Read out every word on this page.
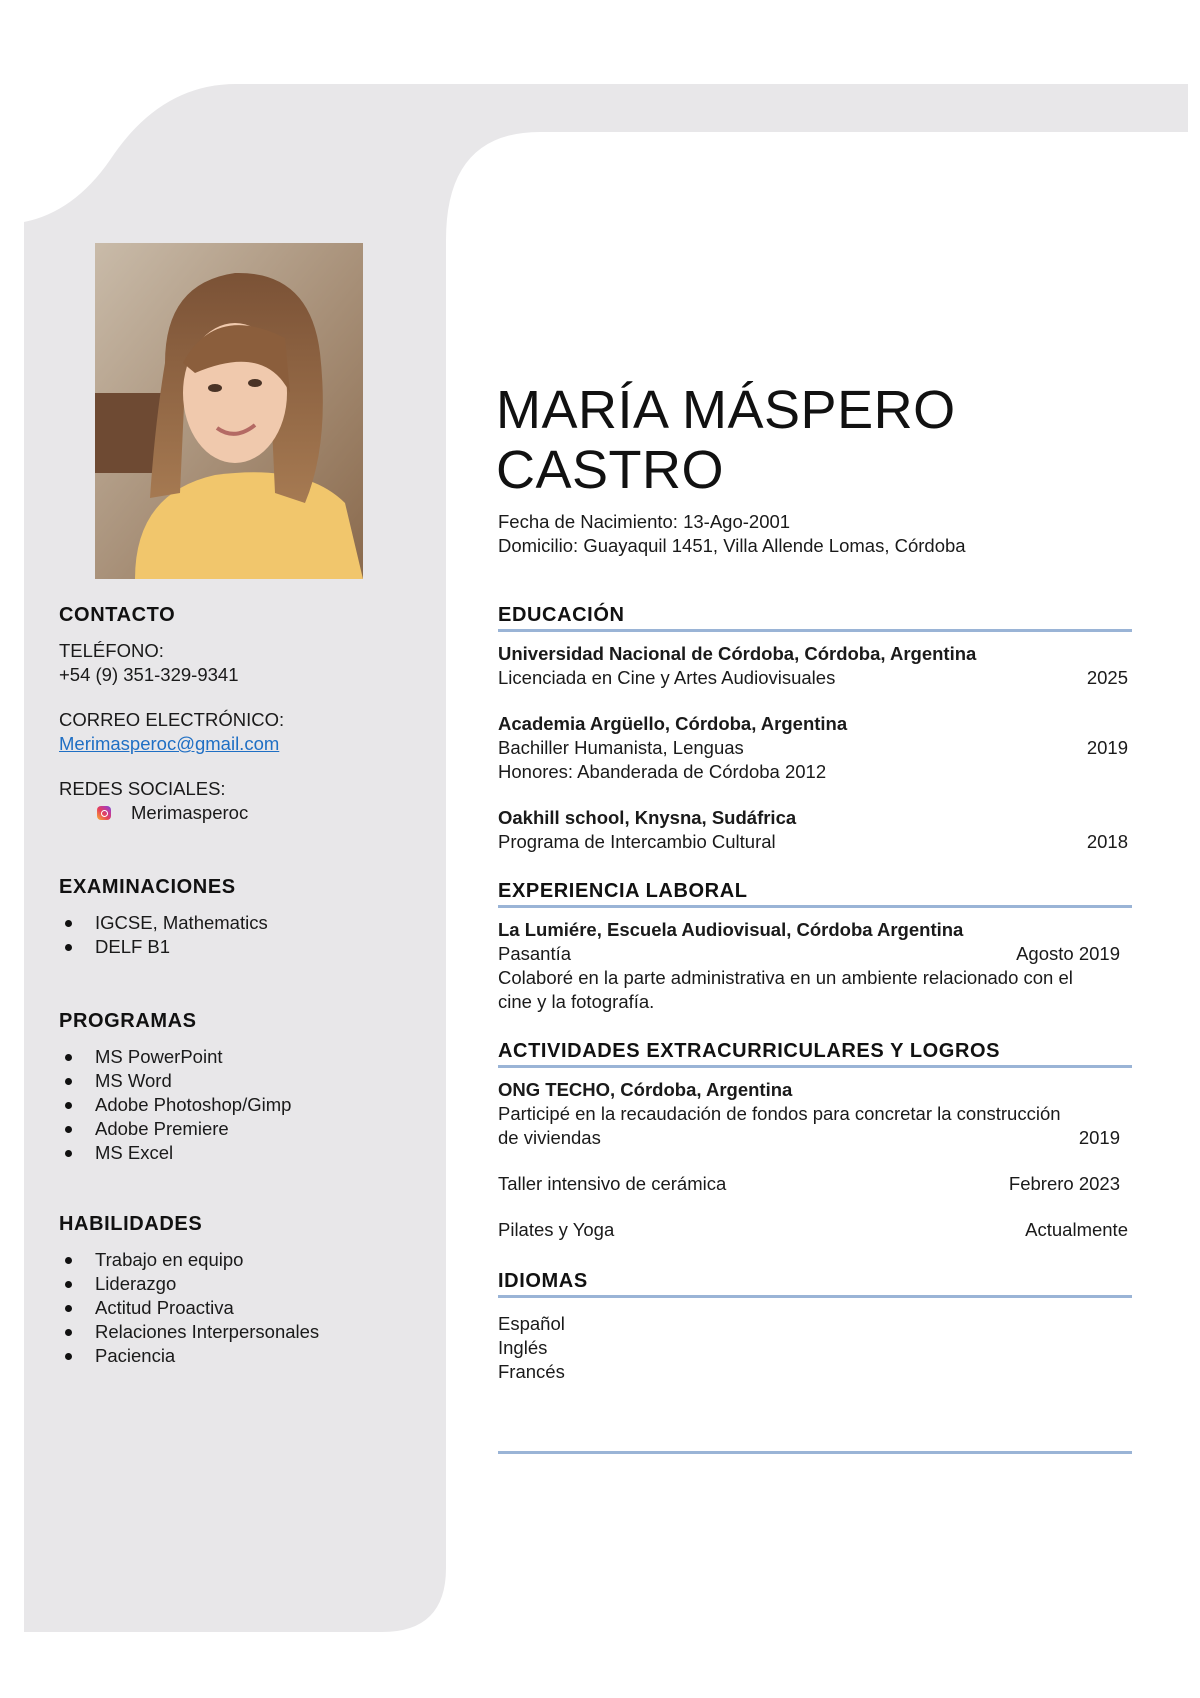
CONTACTO

TELÉFONO:

+54 (9) 351-329-9341

CORREO ELECTRÓNICO:

Merimasperoc@gmail.com

REDES SOCIALES:

Merimasperoc
EXAMINACIONES
IGCSE, Mathematics
DELF B1
PROGRAMAS
MS PowerPoint
MS Word
Adobe Photoshop/Gimp
Adobe Premiere
MS Excel
HABILIDADES
Trabajo en equipo
Liderazgo
Actitud Proactiva
Relaciones Interpersonales
Paciencia
MARÍA MÁSPERO
CASTRO

Fecha de Nacimiento: 13-Ago-2001

Domicilio: Guayaquil 1451, Villa Allende Lomas, Córdoba

EDUCACIÓN

Universidad Nacional de Córdoba, Córdoba, Argentina

Licenciada en Cine y Artes Audiovisuales	2025

Academia Argüello, Córdoba, Argentina

Bachiller Humanista, Lenguas	2019

Honores: Abanderada de Córdoba 2012

Oakhill school, Knysna, Sudáfrica

Programa de Intercambio Cultural	2018
EXPERIENCIA LABORAL

La Lumiére, Escuela Audiovisual, Córdoba Argentina

Pasantía	Agosto 2019

Colaboré en la parte administrativa en un ambiente relacionado con el

cine y la fotografía.

ACTIVIDADES EXTRACURRICULARES Y LOGROS

ONG TECHO, Córdoba, Argentina

Participé en la recaudación de fondos para concretar la construcción

de viviendas	2019
Taller intensivo de cerámica	Febrero 2023
Pilates y Yoga	Actualmente
IDIOMAS

Español

Inglés

Francés
